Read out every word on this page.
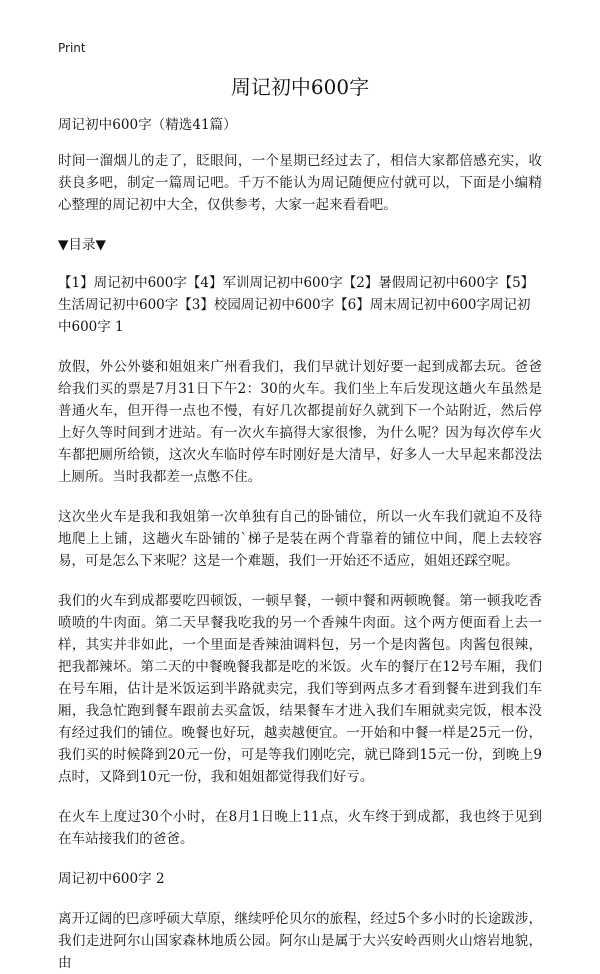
Print
周记初中600字

周记初中600字（精选41篇）

时间一溜烟儿的走了，眨眼间，一个星期已经过去了，相信大家都倍感充实，收获良多吧，制定一篇周记吧。千万不能认为周记随便应付就可以，下面是小编精心整理的周记初中大全，仅供参考，大家一起来看看吧。

▼目录▼

【1】周记初中600字【4】军训周记初中600字【2】暑假周记初中600字【5】生活周记初中600字【3】校园周记初中600字【6】周末周记初中600字周记初中600字 1

放假，外公外婆和姐姐来广州看我们，我们早就计划好要一起到成都去玩。爸爸给我们买的票是7月31日下午2：30的火车。我们坐上车后发现这趟火车虽然是普通火车，但开得一点也不慢，有好几次都提前好久就到下一个站附近，然后停上好久等时间到才进站。有一次火车搞得大家很惨，为什么呢？因为每次停车火车都把厕所给锁，这次火车临时停车时刚好是大清早，好多人一大早起来都没法上厕所。当时我都差一点憋不住。

这次坐火车是我和我姐第一次单独有自己的卧铺位，所以一火车我们就迫不及待地爬上上铺，这趟火车卧铺的`梯子是装在两个背靠着的铺位中间，爬上去较容易，可是怎么下来呢？这是一个难题，我们一开始还不适应，姐姐还踩空呢。

我们的火车到成都要吃四顿饭，一顿早餐，一顿中餐和两顿晚餐。第一顿我吃香喷喷的牛肉面。第二天早餐我吃我的另一个香辣牛肉面。这个两方便面看上去一样，其实并非如此，一个里面是香辣油调料包，另一个是肉酱包。肉酱包很辣，把我都辣坏。第二天的中餐晚餐我都是吃的米饭。火车的餐厅在12号车厢，我们在号车厢，估计是米饭运到半路就卖完，我们等到两点多才看到餐车进到我们车厢，我急忙跑到餐车跟前去买盒饭，结果餐车才进入我们车厢就卖完饭，根本没有经过我们的铺位。晚餐也好玩，越卖越便宜。一开始和中餐一样是25元一份，我们买的时候降到20元一份，可是等我们刚吃完，就已降到15元一份，到晚上9点时，又降到10元一份，我和姐姐都觉得我们好亏。

在火车上度过30个小时，在8月1日晚上11点，火车终于到成都，我也终于见到在车站接我们的爸爸。

周记初中600字 2

离开辽阔的巴彦呼硕大草原，继续呼伦贝尔的旅程，经过5个多小时的长途跋涉，我们走进阿尔山国家森林地质公园。阿尔山是属于大兴安岭西则火山熔岩地貌，由
